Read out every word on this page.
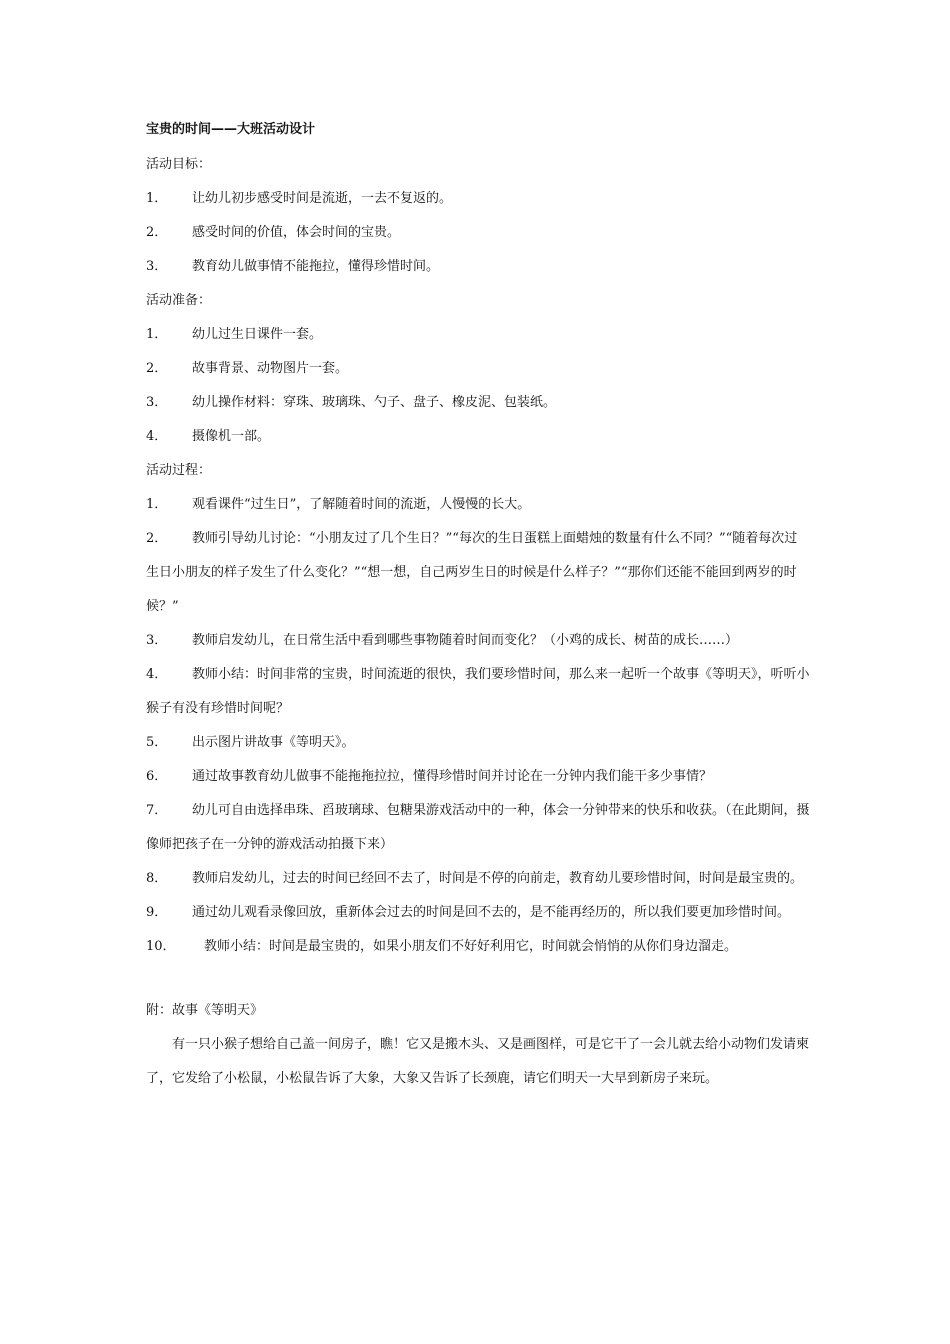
宝贵的时间——大班活动设计
活动目标：
1． 让幼儿初步感受时间是流逝，一去不复返的。
2． 感受时间的价值，体会时间的宝贵。
3． 教育幼儿做事情不能拖拉，懂得珍惜时间。
活动准备：
1． 幼儿过生日课件一套。
2． 故事背景、动物图片一套。
3． 幼儿操作材料：穿珠、玻璃珠、勺子、盘子、橡皮泥、包装纸。
4． 摄像机一部。
活动过程：
1． 观看课件“过生日”，了解随着时间的流逝，人慢慢的长大。
2． 教师引导幼儿讨论：“小朋友过了几个生日？”“每次的生日蛋糕上面蜡烛的数量有什么不同？”“随着每次过生日小朋友的样子发生了什么变化？”“想一想，自己两岁生日的时候是什么样子？”“那你们还能不能回到两岁的时候？”
3． 教师启发幼儿，在日常生活中看到哪些事物随着时间而变化？（小鸡的成长、树苗的成长……）
4． 教师小结：时间非常的宝贵，时间流逝的很快，我们要珍惜时间，那么来一起听一个故事《等明天》，听听小猴子有没有珍惜时间呢？
5． 出示图片讲故事《等明天》。
6． 通过故事教育幼儿做事不能拖拖拉拉，懂得珍惜时间并讨论在一分钟内我们能干多少事情？
7． 幼儿可自由选择串珠、舀玻璃球、包糖果游戏活动中的一种，体会一分钟带来的快乐和收获。（在此期间，摄像师把孩子在一分钟的游戏活动拍摄下来）
8． 教师启发幼儿，过去的时间已经回不去了，时间是不停的向前走，教育幼儿要珍惜时间，时间是最宝贵的。
9． 通过幼儿观看录像回放，重新体会过去的时间是回不去的，是不能再经历的，所以我们要更加珍惜时间。
10． 教师小结：时间是最宝贵的，如果小朋友们不好好利用它，时间就会悄悄的从你们身边溜走。
附：故事《等明天》
有一只小猴子想给自己盖一间房子，瞧！它又是搬木头、又是画图样，可是它干了一会儿就去给小动物们发请柬了，它发给了小松鼠，小松鼠告诉了大象，大象又告诉了长颈鹿，请它们明天一大早到新房子来玩。
